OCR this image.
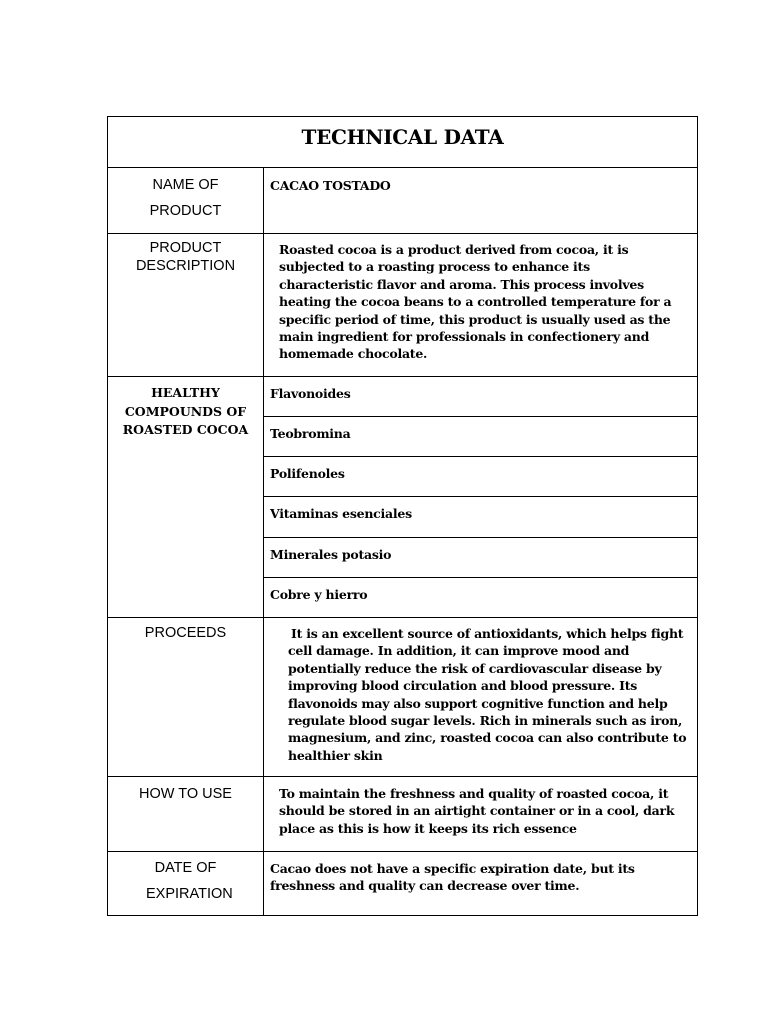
TECHNICAL DATA
NAME OF PRODUCT
CACAO TOSTADO
PRODUCT DESCRIPTION
Roasted cocoa is a product derived from cocoa, it is subjected to a roasting process to enhance its characteristic flavor and aroma. This process involves heating the cocoa beans to a controlled temperature for a specific period of time, this product is usually used as the main ingredient for professionals in confectionery and homemade chocolate.
HEALTHY COMPOUNDS OF ROASTED COCOA
Flavonoides
Teobromina
Polifenoles
Vitaminas esenciales
Minerales potasio
Cobre y hierro
PROCEEDS	It is an excellent source of antioxidants, which helps fight cell damage. In addition, it can improve mood and potentially reduce the risk of cardiovascular disease by improving blood circulation and blood pressure. Its flavonoids may also support cognitive function and help regulate blood sugar levels. Rich in minerals such as iron, magnesium, and zinc, roasted cocoa can also contribute to healthier skin
HOW TO USE	To maintain the freshness and quality of roasted cocoa, it should be stored in an airtight container or in a cool, dark place as this is how it keeps its rich essence
DATE OF EXPIRATION
Cacao does not have a specific expiration date, but its freshness and quality can decrease over time.
